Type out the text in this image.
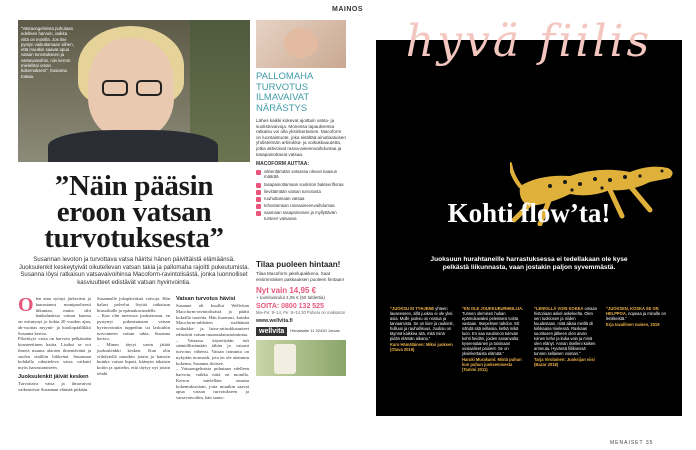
MAINOS
”Vatsaongelmista puhutaan edelleen harvoin, vaikka niitä on monilla. Jos itse pystyn vaikuttamaan siihen, että muutkin saavat apua vatsan turvotukseen ja vatsavaivoihin, niin kerron mielelläni oman kokemukseni”, Susanna toteaa.	PALLOMAHA TURVOTUS ILMAVAIVAT NÄRÄSTYS
Lähes kaikki kokevat ajoittain vatsa- ja suolistovaivoja. Monessa tapauksessa ratkaisu voi olla yksinkertainen. Macoform on luontaistuote, joka sisältää ainutlaatuisen yhdistelmän artisokka- ja voikukkauutetta, jotka aktivoivat rasva-aineenvaihduntaa ja tasapainottavat vatsaa.
MACOFORM AUTTAA:
vähentämään vatsassa olevan kaasun määrää
tasapainottamaan suoliston bakteerifloraa
lievittämään vatsan turvotusta
ruuhuttamaan vatsaa
tehostamaan rasvaaineenvaihduntaa
saamaan tasapainoisen ja myllyttävän tunteen vatsassa
Tilaa puoleen hintaan!
Tilaa Macoform jakelupakkena. Saat ensimmäisen pakkauksen puoleen hintaan!
Nyt vain 14,95 €
+ toimituskulut 4,95 € (60 tablettia)
SOITA: 0800 132 525
Ma–Pe: 8–14, Pe: 8–14.30 Puhelu on maksuton
www.wellvita.fi
wellvita	Himalantie 11 02430 Jorvas
”Näin pääsin eroon vatsan turvotuksesta”
Susannan levoton ja turvottava vatsa häiritsi hänen päivittäistä elämäänsä. Juoksulenkit keskeytyivät oikutellevan vatsan takia ja pallomaha rajoitti pukeutumista. Susanna löysi ratkaisun vatsavaivoihinsa Macoform-ravintolisästä, jonka luonnolliset kasviuutteet edistävät vatsan hyvinvointia.
O len aina syönyt järkevästi ja harrastanut monipuolisesti liikuntaa, mutta silti hankaluuksia vatsan kanssa on esiintynyt jo kohta 20 vuoden ajan, ah-vuotias myynti- ja huoltopäällikkö Susanna kertoo.

Pilottityyt vatsa on harvoin pelkästään kosmeettinen haitta. Lisäksi se voi ilmetä muuna alaoten ilmentävänä ja suolen sisällön liikkeinä. Susannan kohdalla oikutteleva vatsa vaikutti myös harrastamiseen.

Juoksulenkit jäivät kesken

Turvottava vatsa ja ilmavaivat vaikeuttivat Susannan elämää pitkään.

Susannalle jokapäiväisiä vaivoja. Hän halusi palvelut löytää ratkaisun hiusailuille ja epämukavuudelle.

– Kun olin menossa juoksemaan, en pystynyt pukeutumaan vatsan hyvinvointiin tuppeihin tai laskuihin turvonneen vatsan takia, Susanna kertoo.

– Minun täytyi usein jättää juoksulenkki kesken. Kun olin viihdytellä muutkin jotain ja katsoin kuinka vatsaa lupasi, käänyin takaisin kotiin ja ajattelin, että täytyy nyt jotain tehdä.

Vatsan turvotus hävisi

Susanna oli kuullut Wellvitan Macoform-ravintolisästä ja päätti kokeilla tuotetta. Hän huomasi, kuinka Macoform-tabletten sisältämät voikukka- ja latva-artisokkauutteet edistävät vatsan ruuansulatustoimintaa.

– Vatsassa käytettyään tuli sääntöllistämään tähän ja vatsani turvotus vähensi. Vatsan toiminta on nykyään normaali, jota en ole aiemmin kokenut, Susanna iloitsee.

– Vatsaongelmista puhutaan edelleen harvoin, vaikka niitä on monilla. Kerron mielelläni omasta kokemuksestani, jotta muutkin saavat apua vatsan turvotukseen ja vatsavaivoihin, hän sanoo.

hyvä fiilis
Kohti flow’ta!
Juoksuun hurahtaneille harrastuksessa ei tedellakaan ole kyse pelkästä liikunnasta, vaan jostakin paljon syvemmästä.
”JUOKSU EI TYHJENE yhteen lauseeseen, sillä juoksu ei ole yksi asia. Mulle juoksu on nostua ja tarvaamista. Se on kiire ja raukimit, hulluus ja rauhallisuus. Juoksu on täynnä kaikkea sitä, mitä minä pidän elämän aikana.”
Karo Hämäläinen: Miksi juoksen (Otava 2019)
”EN OLE JOUKKUEURHEILIJA. Tunnen olemisen hukan epämukavaksi peleissesi toista vastaan. Itsepelinen tahdon. Ett nähdä sitä sellaisia, ketkä mikä luon. En saa nautinnon tulevan kohti heidän, joiden sananvalta kyseenalainen ja toisinaan sosiaaliset paineet. Se on yksinkertaista elämää.”
Haruki Murakami: Mistä puhun kun puhun juoksemisesta (Tammi 2011)
”LENKILLÄ VOIN KOKEA omaan historiaan askel askeleelta. Olen sen tuokiosen ja niiden kuudestaan, mitä aikaa meillä oli kirkkaana mielessä. Raskaan suoritusen jälkeen olen aivan toinen keho ja kuka vain ja minä olen elänyt. Annan itselleni kaiken armeuta. Hyvässä fiiliksessä tunnen sellaisen voiman.”
Tarja Virolainen: Juoksijan viisi (Bazar 2018)
”JUOKSEN, KOSKA SE ON HELPPOA, nopeaa ja minulle on lenkkeistä.”
Erja tavallinen nainen, 2019
MENAISET 35
